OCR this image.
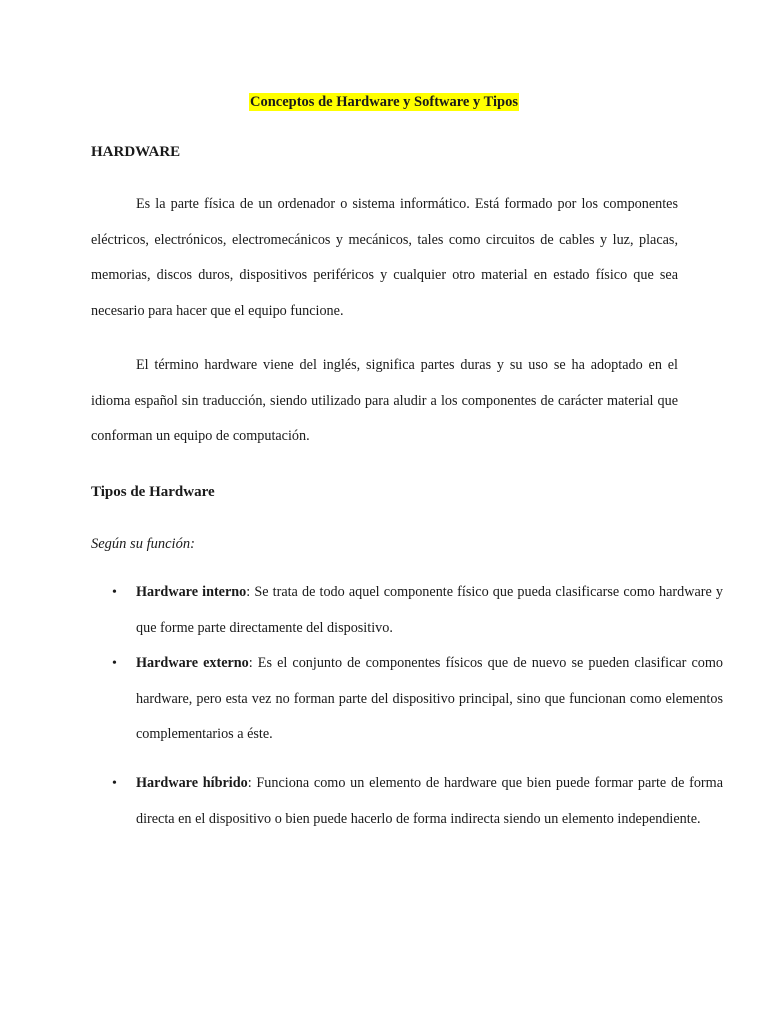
Conceptos de Hardware y Software y Tipos
HARDWARE

Es la parte física de un ordenador o sistema informático. Está formado por los componentes eléctricos, electrónicos, electromecánicos y mecánicos, tales como circuitos de cables y luz, placas, memorias, discos duros, dispositivos periféricos y cualquier otro material en estado físico que sea necesario para hacer que el equipo funcione.

El término hardware viene del inglés, significa partes duras y su uso se ha adoptado en el idioma español sin traducción, siendo utilizado para aludir a los componentes de carácter material que conforman un equipo de computación.

Tipos de Hardware
Según su función:
• Hardware interno: Se trata de todo aquel componente físico que pueda clasificarse como hardware y que forme parte directamente del dispositivo.

• Hardware externo: Es el conjunto de componentes físicos que de nuevo se pueden clasificar como hardware, pero esta vez no forman parte del dispositivo principal, sino que funcionan como elementos complementarios a éste.

• Hardware híbrido: Funciona como un elemento de hardware que bien puede formar parte de forma directa en el dispositivo o bien puede hacerlo de forma indirecta siendo un elemento independiente.
